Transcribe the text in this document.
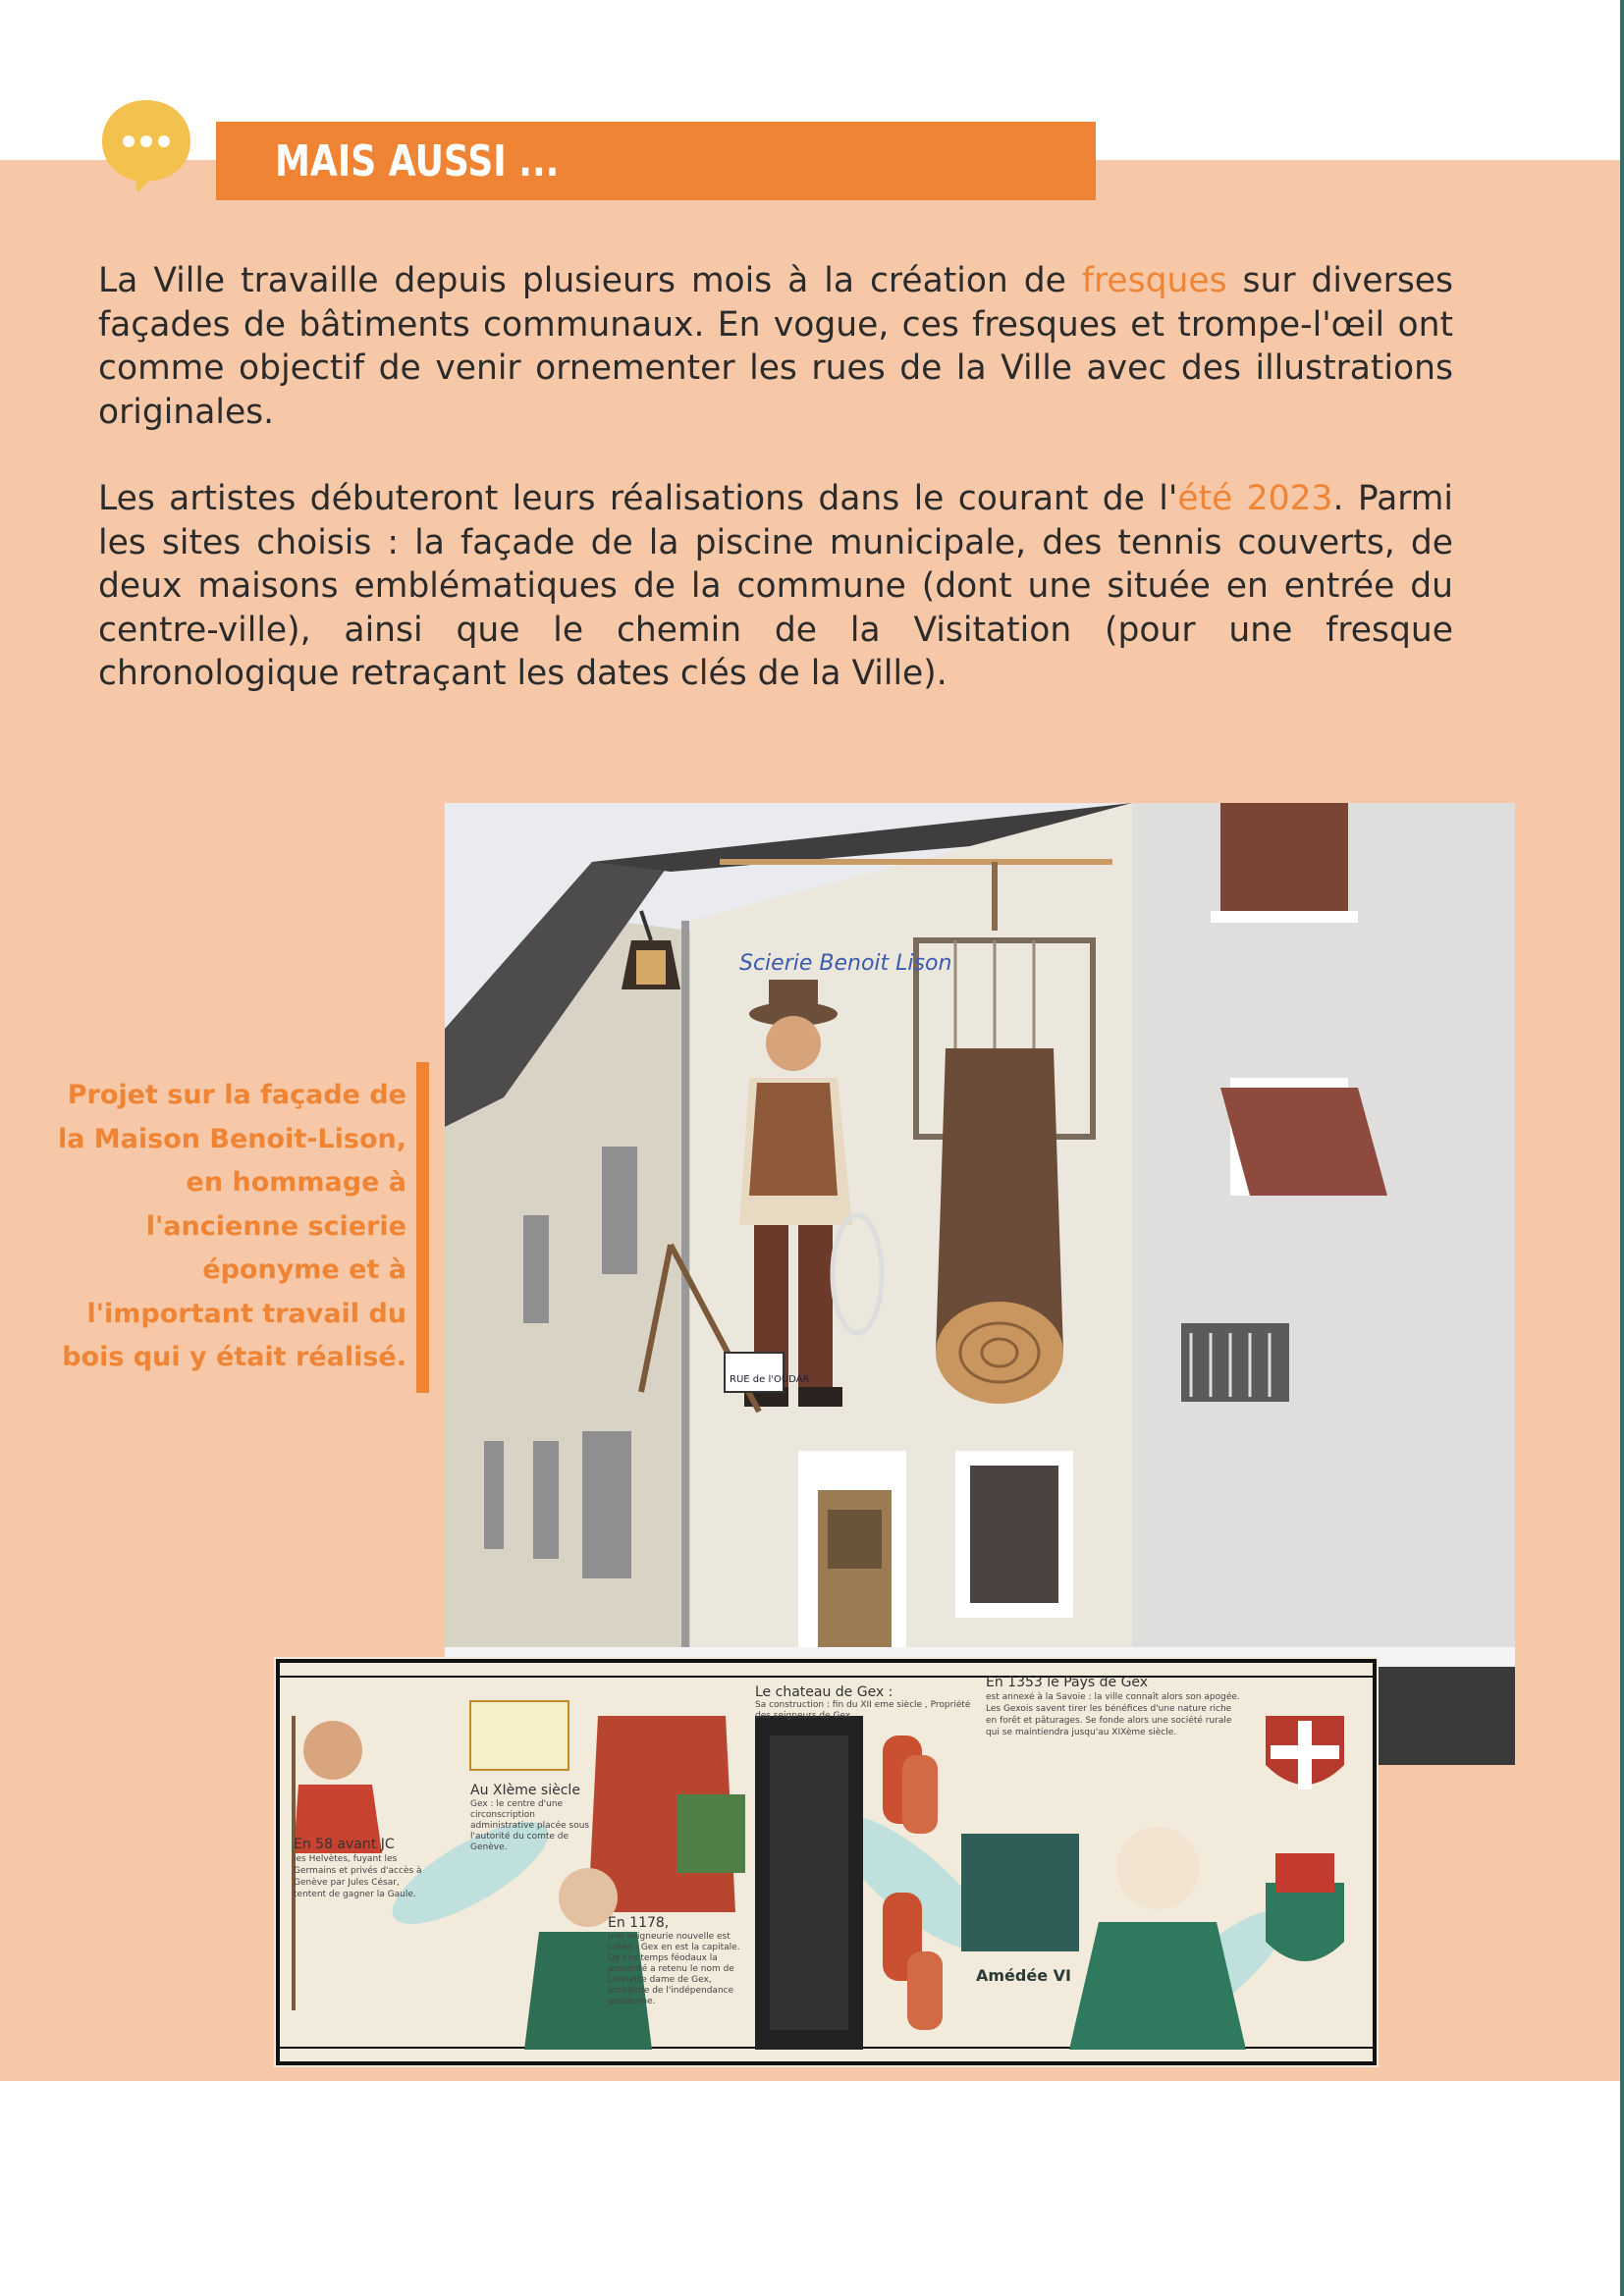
MAIS AUSSI ...

La Ville travaille depuis plusieurs mois à la création de fresques sur diverses façades de bâtiments communaux. En vogue, ces fresques et trompe-l'œil ont comme objectif de venir ornementer les rues de la Ville avec des illustrations originales.

Les artistes débuteront leurs réalisations dans le courant de l'été 2023. Parmi les sites choisis : la façade de la piscine municipale, des tennis couverts, de deux maisons emblématiques de la commune (dont une située en entrée du centre-ville), ainsi que le chemin de la Visitation (pour une fresque chronologique retraçant les dates clés de la Ville).

Projet sur la façade de la Maison Benoit-Lison, en hommage à l'ancienne scierie éponyme et à l'important travail du bois qui y était réalisé.

Scierie Benoit Lison
RUE de l'OUDAR
En 58 avant JC
les Helvètes, fuyant les Germains et privés d'accès à Genève par Jules César, tentent de gagner la Gaule.
Au XIème siècle
Gex : le centre d'une circonscription administrative placée sous l'autorité du comte de Genève.
En 1178,
une seigneurie nouvelle est créée : Gex en est la capitale. De ces temps féodaux la postérité a retenu le nom de Léonette dame de Gex, emblème de l'indépendance gessienne.
Le chateau de Gex :
Sa construction : fin du XII eme siècle , Propriété des seigneurs de Gex
En 1353 le Pays de Gex
est annexé à la Savoie : la ville connaît alors son apogée. Les Gexois savent tirer les bénéfices d'une nature riche en forêt et pâturages. Se fonde alors une société rurale qui se maintiendra jusqu'au XIXème siècle.
Amédée VI
